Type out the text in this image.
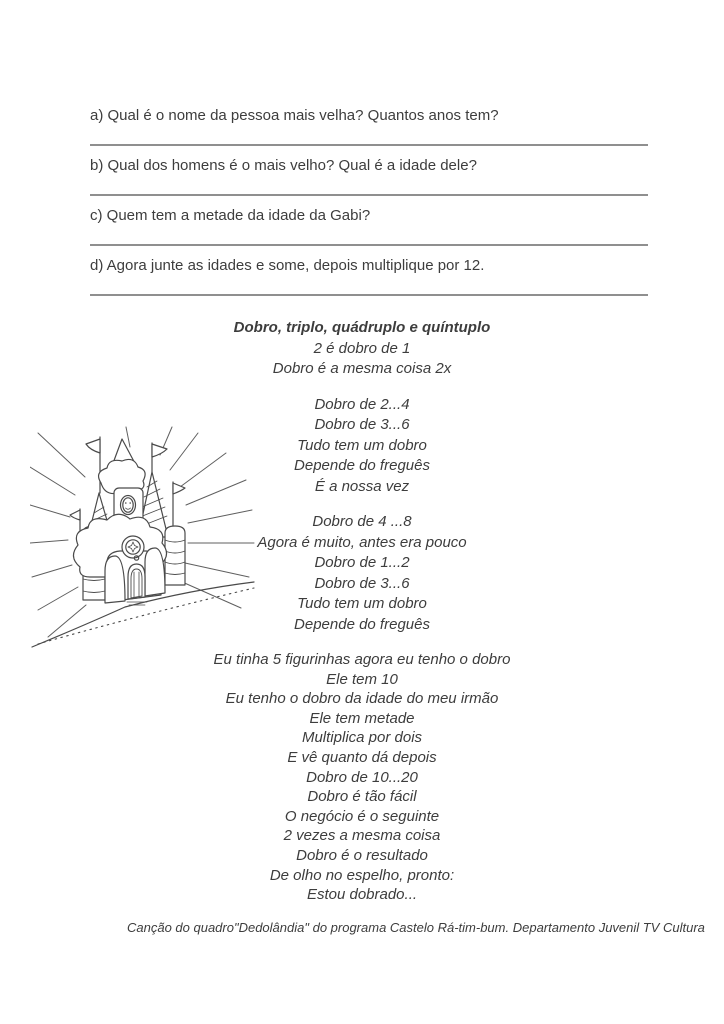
a) Qual é o nome da pessoa mais velha? Quantos anos tem?
b) Qual dos homens é o mais velho? Qual é a idade dele?
c) Quem tem a metade da idade da Gabi?
d) Agora junte as idades e some, depois multiplique por 12.
Dobro, triplo, quádruplo e quíntuplo
2 é dobro de 1
Dobro é a mesma coisa 2x
Dobro de 2...4
Dobro de 3...6
Tudo tem um dobro
Depende do freguês
É a nossa vez
Dobro de 4 ...8
Agora é muito, antes era pouco
Dobro de 1...2
Dobro de 3...6
Tudo tem um dobro
Depende do freguês
Eu tinha 5 figurinhas agora eu tenho o dobro
Ele tem 10
Eu tenho o dobro da idade do meu irmão
Ele tem metade
Multiplica por dois
E vê quanto dá depois
Dobro de 10...20
Dobro é tão fácil
O negócio é o seguinte
2 vezes a mesma coisa
Dobro é o resultado
De olho no espelho, pronto:
Estou dobrado...
Canção do quadro"Dedolândia" do programa Castelo Rá-tim-bum. Departamento Juvenil TV Cultura
